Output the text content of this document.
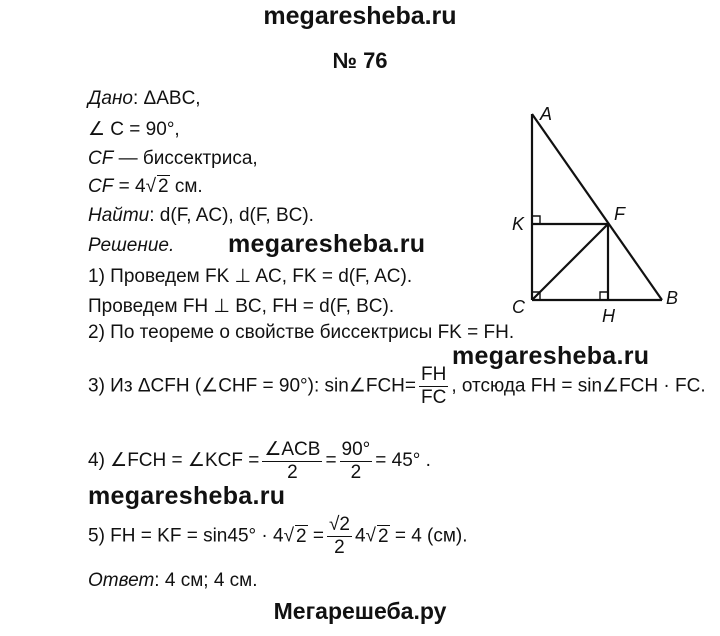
megaresheba.ru
№ 76
Дано: ΔABC,
∠ C = 90°,
CF — биссектриса,
CF = 4√ 2 см.
Найти: d(F, AC), d(F, BC).
Решение. megaresheba.ru
1) Проведем FK ⊥ AC, FK = d(F, AC).
Проведем FH ⊥ BC, FH = d(F, BC).
2) По теореме о свойстве биссектрисы FK = FH.
megaresheba.ru
3) Из ΔCFH (∠CHF = 90°): sin∠FCH= $\frac{FH}{FC}$ , отсюда FH = sin∠FCH · FC.
4) ∠FCH = ∠KCF = $\frac{\text{∠ACB}}{2} = \frac{90^\circ}{2} = 45^\circ$ .
megaresheba.ru
5) FH = KF = sin45° · 4√ $2 = \frac{√2}{2} 4√$ 2 = 4 (см).
Ответ: 4 см; 4 см.
Мегарешеба.ру
A
B
C
F
K
H
